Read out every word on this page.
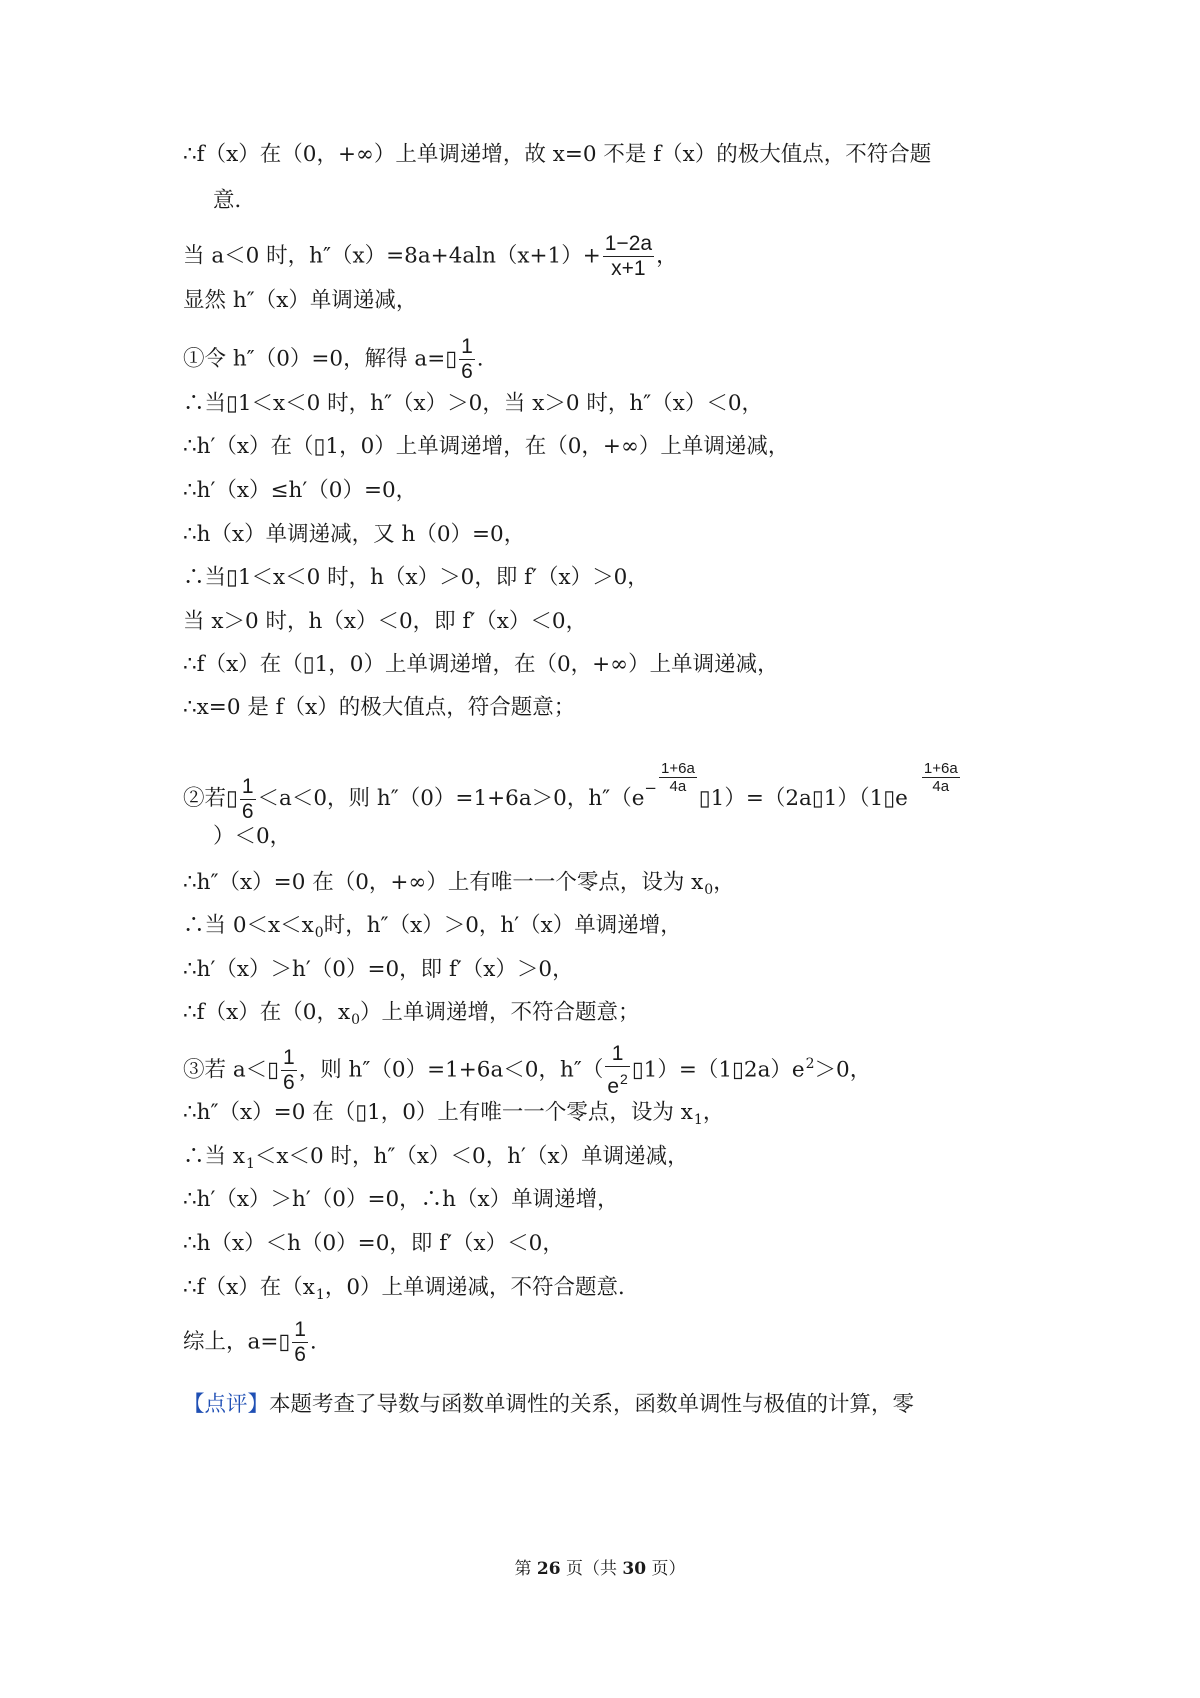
∴f（x）在（0，+∞）上单调递增，故 x=0 不是 f（x）的极大值点，不符合题
意．
当 a＜0 时，$h''(x)=8a+4aln(x+1)+ \frac{1-2a}{x+1}$ ，
显然 h″（x）单调递减，
①令 h″（0）=0，解得 a=▯ $\frac{1}{6}$ .
∴当▯1＜x＜0 时，h″（x）＞0，当 x＞0 时，h″（x）＜0，
∴h′（x）在（▯1，0）上单调递增，在（0，+∞）上单调递减，
∴h′（x）≤h′（0）=0，
∴h（x）单调递减，又 h（0）=0，
∴当▯1＜x＜0 时，h（x）＞0，即 f′（x）＞0，
当 x＞0 时，h（x）＜0，即 f′（x）＜0，
∴f（x）在（▯1，0）上单调递增，在（0，+∞）上单调递减，
∴x=0 是 f（x）的极大值点，符合题意；
②若▯ $\frac{1}{6} <a<0$，则 h″（0）=1+6a＞0，$h''(e^- \frac{1+6a}{4a}$
▯1）=（2a▯1）（1▯e
$\frac{1+6a}{4a}$
）＜0，
∴h″（x）=0 在（0，+∞）上有唯一一个零点，设为 $x_0$，
∴当 $0<x<x_0$时，h″（x）＞0，h′（x）单调递增，
∴h′（x）＞h′（0）=0，即 f′（x）＞0，
∴f（x）在（0，$x_0$）上单调递增，不符合题意；
③若 a＜▯ $\frac{1}{6}$ ，则 h″（0）=1+6a＜0，$h''( \frac{1}{e^2}$ $▯1)=(1▯2a)e^2>0$，
∴h″（x）=0 在（▯1，0）上有唯一一个零点，设为 $x_1$，
∴当 $x_1<x<0$ 时，h″（x）＜0，h′（x）单调递减，
∴h′（x）＞h′（0）=0，∴h（x）单调递增，
∴h（x）＜h（0）=0，即 f′（x）＜0，
∴f（x）在（$x_1$，0）上单调递减，不符合题意．
综上，a=▯ $\frac{1}{6}$ .
【点评】本题考查了导数与函数单调性的关系，函数单调性与极值的计算，零
第 26 页（共 30 页）
